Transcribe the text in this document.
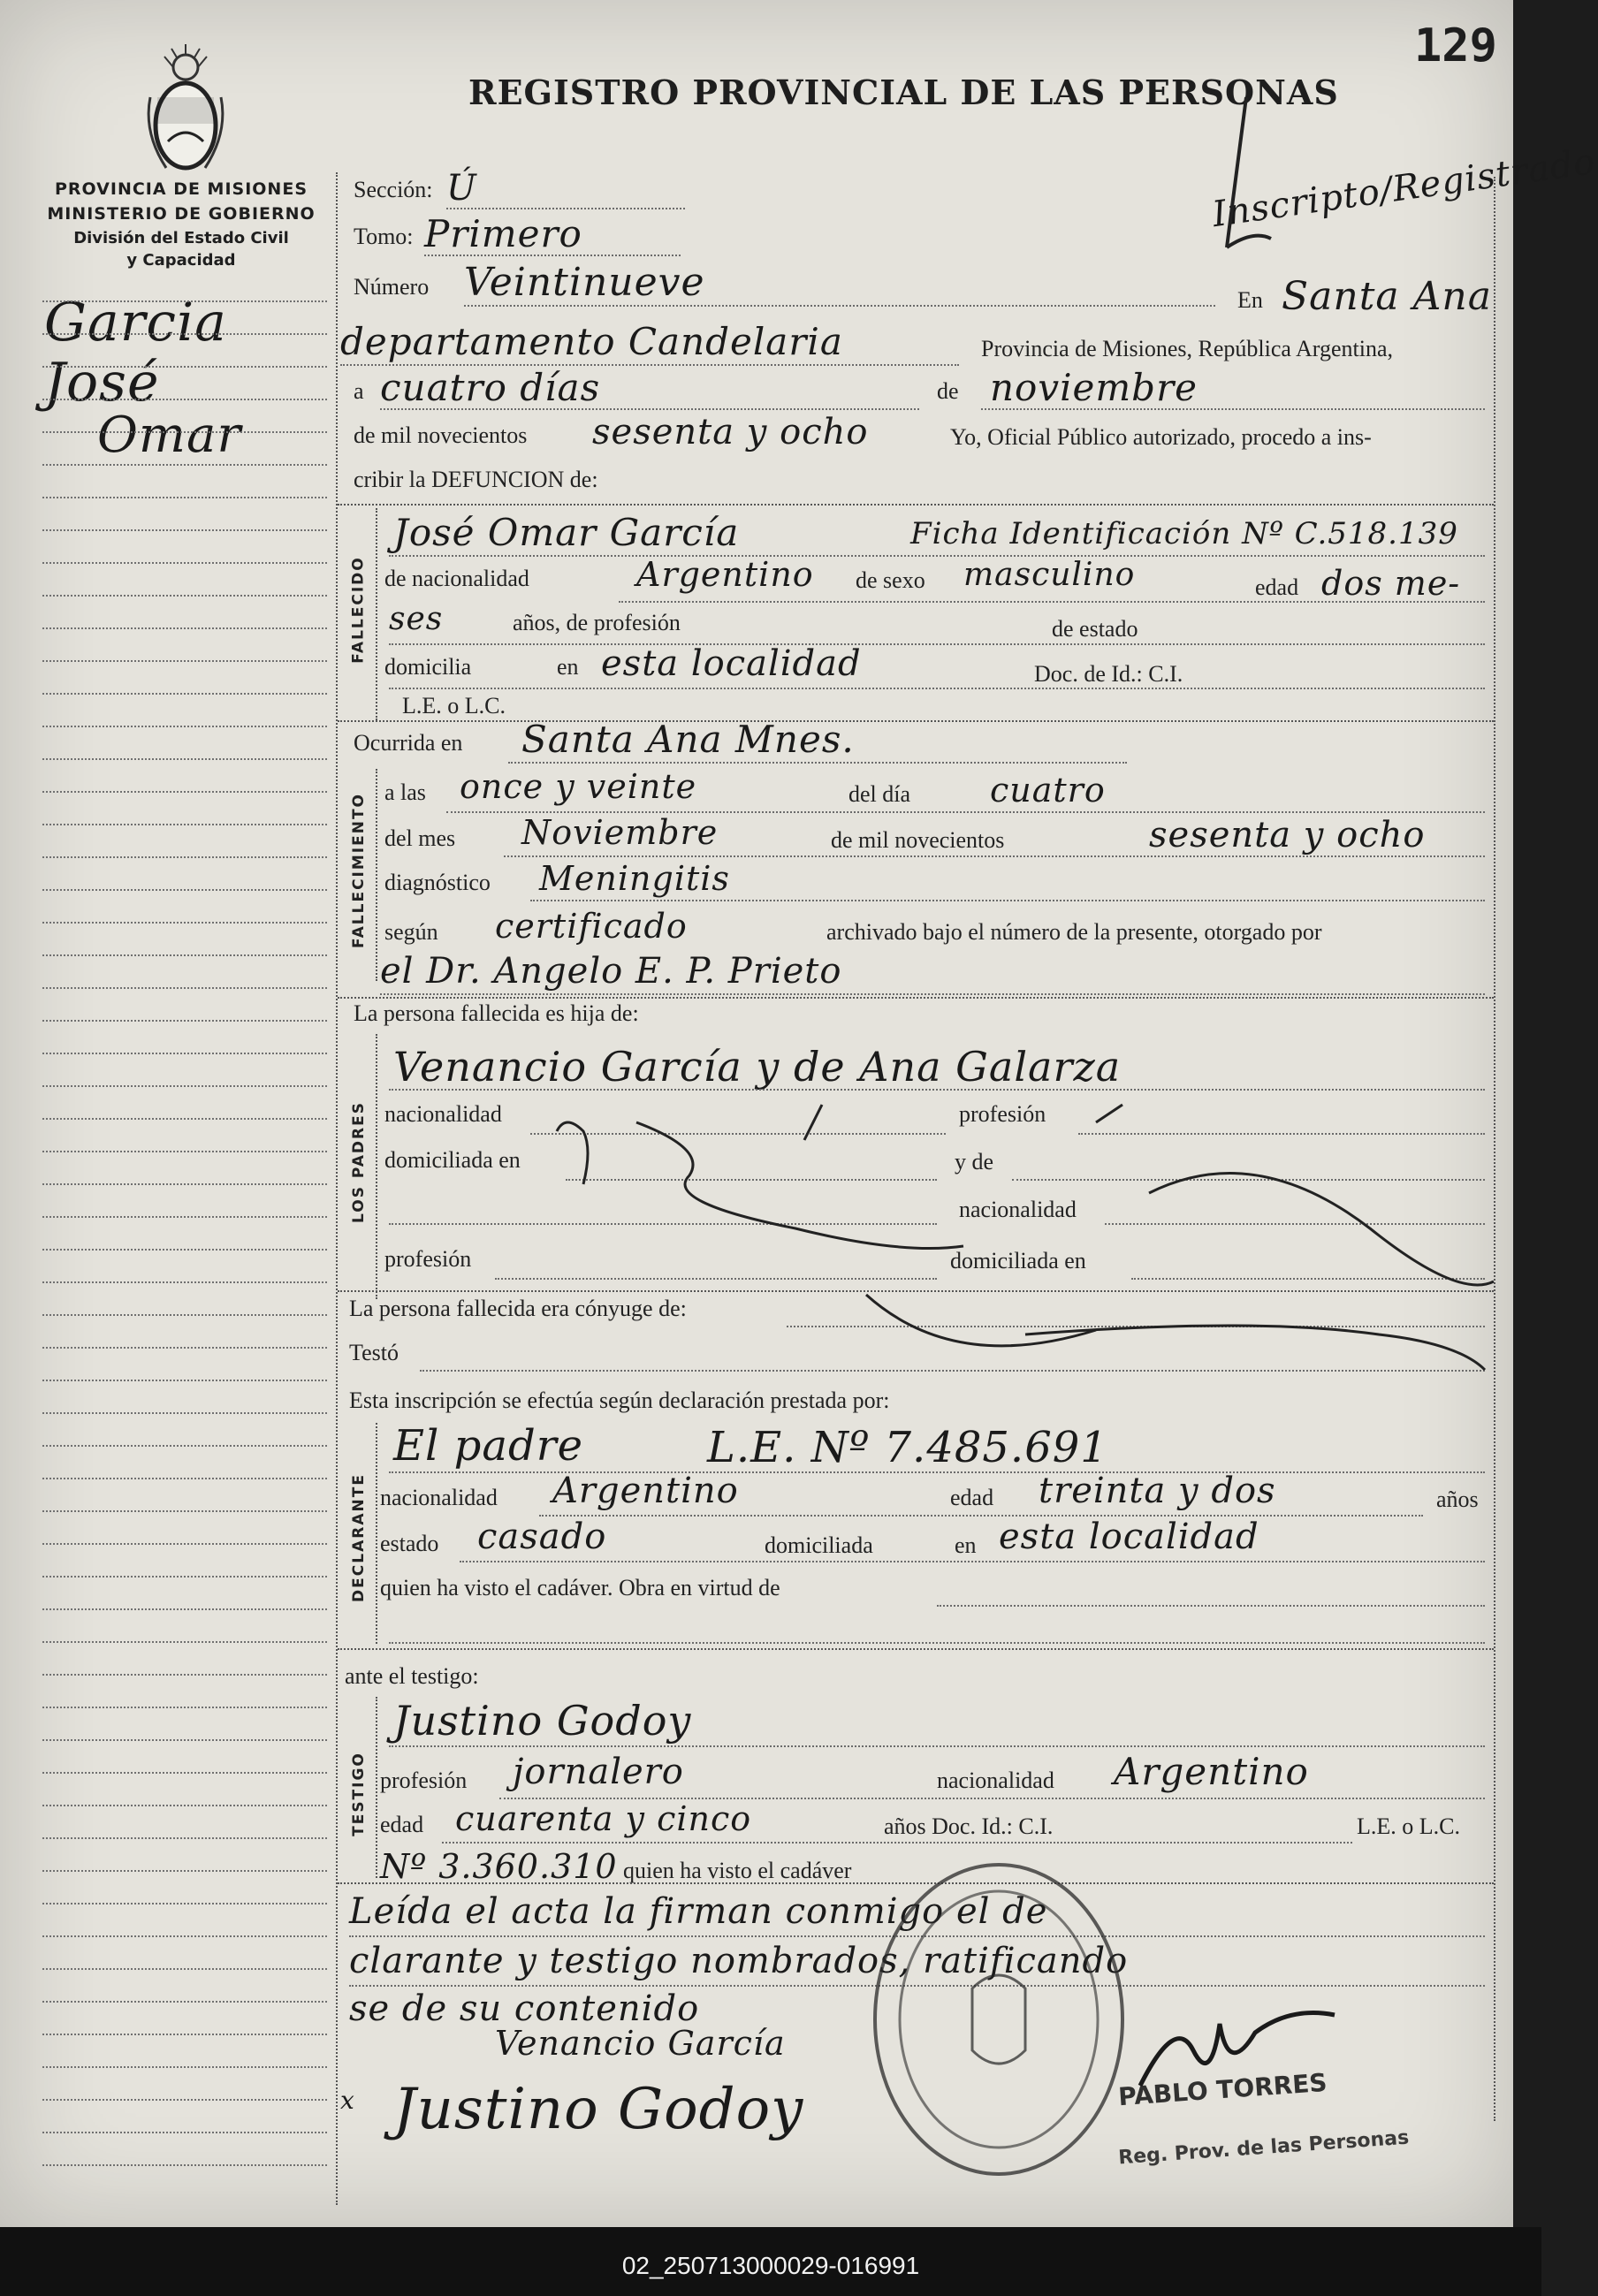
129
REGISTRO PROVINCIAL DE LAS PERSONAS
Inscripto/Registrado
PROVINCIA DE MISIONES
MINISTERIO DE GOBIERNO
División del Estado Civil
y Capacidad
Garcia
José
Omar
Sección: Ú
Tomo: Primero
Número Veintinueve	En Santa Ana
departamento Candelaria	Provincia de Misiones, República Argentina,
a cuatro días	de noviembre
de mil novecientos sesenta y ocho	Yo, Oficial Público autorizado, procedo a ins-
cribir la DEFUNCION de:
FALLECIDO
José Omar García	Ficha Identificación Nº C.518.139
de nacionalidad	Argentino de sexo masculino	edad dos me-
ses	años, de profesión	de estado
domicilia	en esta localidad	Doc. de Id.: C.I.
L.E. o L.C.
Ocurrida en Santa Ana Mnes.
FALLECIMIENTO
a las once y veinte	del día cuatro
del mes Noviembre	de mil novecientos	sesenta y ocho
diagnóstico Meningitis
según certificado	archivado bajo el número de la presente, otorgado por
el Dr. Angelo E. P. Prieto
La persona fallecida es hija de:
LOS PADRES
Venancio García y de Ana Galarza
nacionalidad	profesión
domiciliada en	y de
nacionalidad
profesión	domiciliada en
La persona fallecida era cónyuge de:
Testó
Esta inscripción se efectúa según declaración prestada por:
DECLARANTE
El padre	L.E. Nº 7.485.691
nacionalidad Argentino	edad treinta y dos	años
estado casado	domiciliada	en esta localidad
quien ha visto el cadáver. Obra en virtud de
ante el testigo:
TESTIGO
Justino Godoy
profesión jornalero	nacionalidad Argentino
edad cuarenta y cinco	años Doc. Id.: C.I.	L.E. o L.C.
Nº 3.360.310 quien ha visto el cadáver
Leída el acta la firman conmigo el de
clarante y testigo nombrados, ratificando
se de su contenido
Venancio García
Justino Godoy	PABLO TORRES
Reg. Prov. de las Personas
x
02_250713000029-016991
